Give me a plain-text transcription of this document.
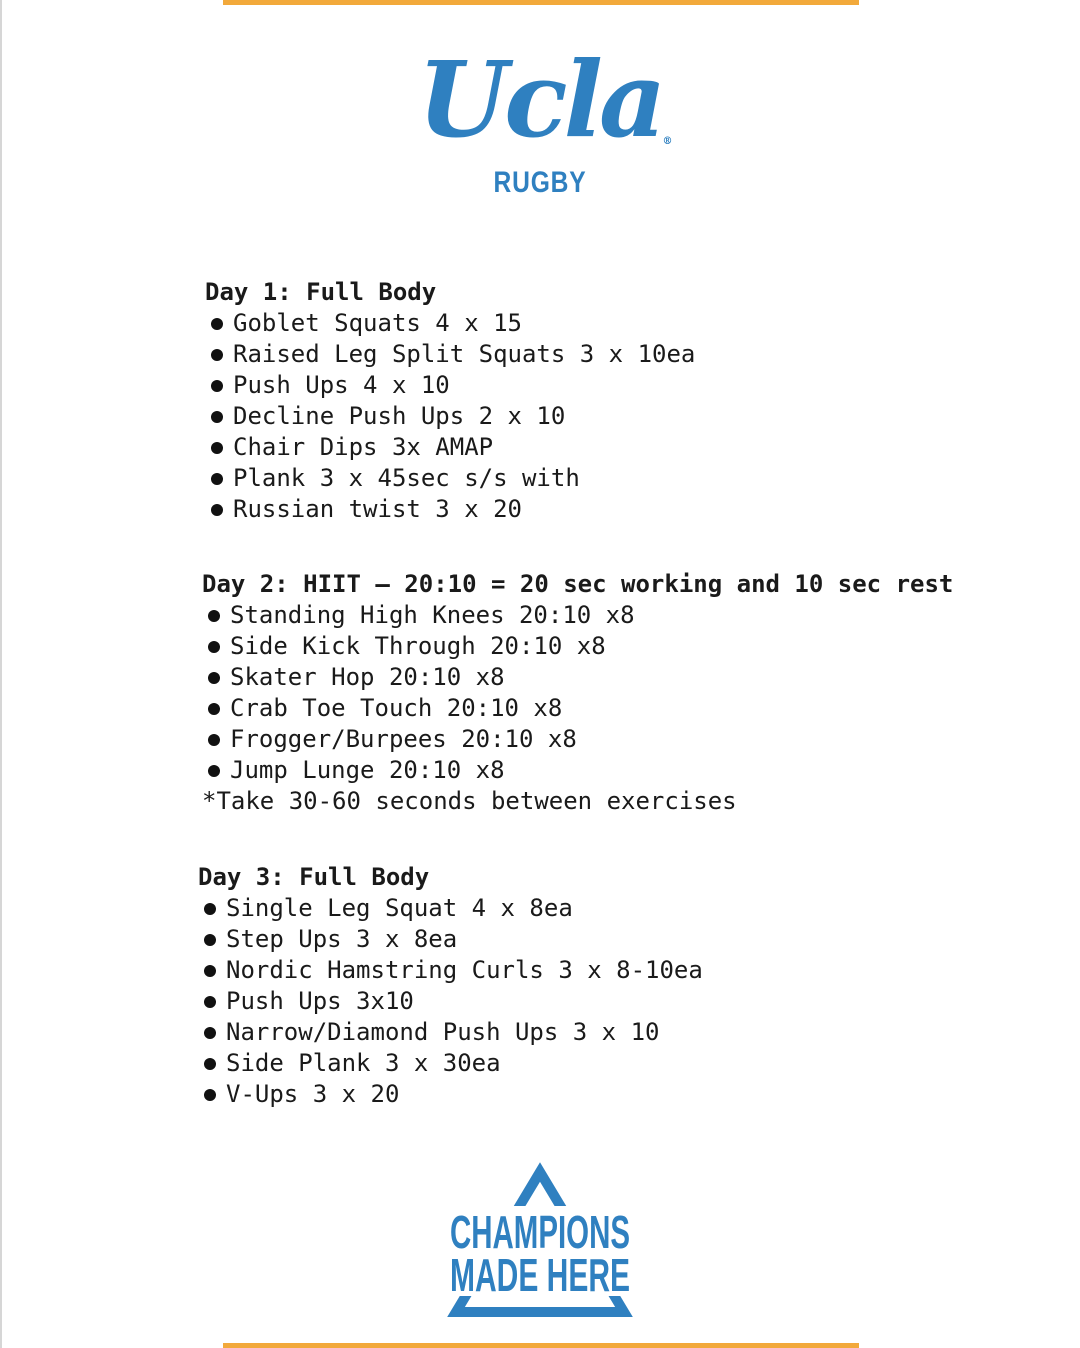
Ucla ®
RUGBY
Day 1: Full Body
Goblet Squats 4 x 15
Raised Leg Split Squats 3 x 10ea
Push Ups 4 x 10
Decline Push Ups 2 x 10
Chair Dips 3x AMAP
Plank 3 x 45sec s/s with
Russian twist 3 x 20
Day 2: HIIT – 20:10 = 20 sec working and 10 sec rest
Standing High Knees 20:10 x8
Side Kick Through 20:10 x8
Skater Hop 20:10 x8
Crab Toe Touch 20:10 x8
Frogger/Burpees 20:10 x8
Jump Lunge 20:10 x8
*Take 30-60 seconds between exercises
Day 3: Full Body
Single Leg Squat 4 x 8ea
Step Ups 3 x 8ea
Nordic Hamstring Curls 3 x 8-10ea
Push Ups 3x10
Narrow/Diamond Push Ups 3 x 10
Side Plank 3 x 30ea
V-Ups 3 x 20
CHAMPIONS
MADE HERE
